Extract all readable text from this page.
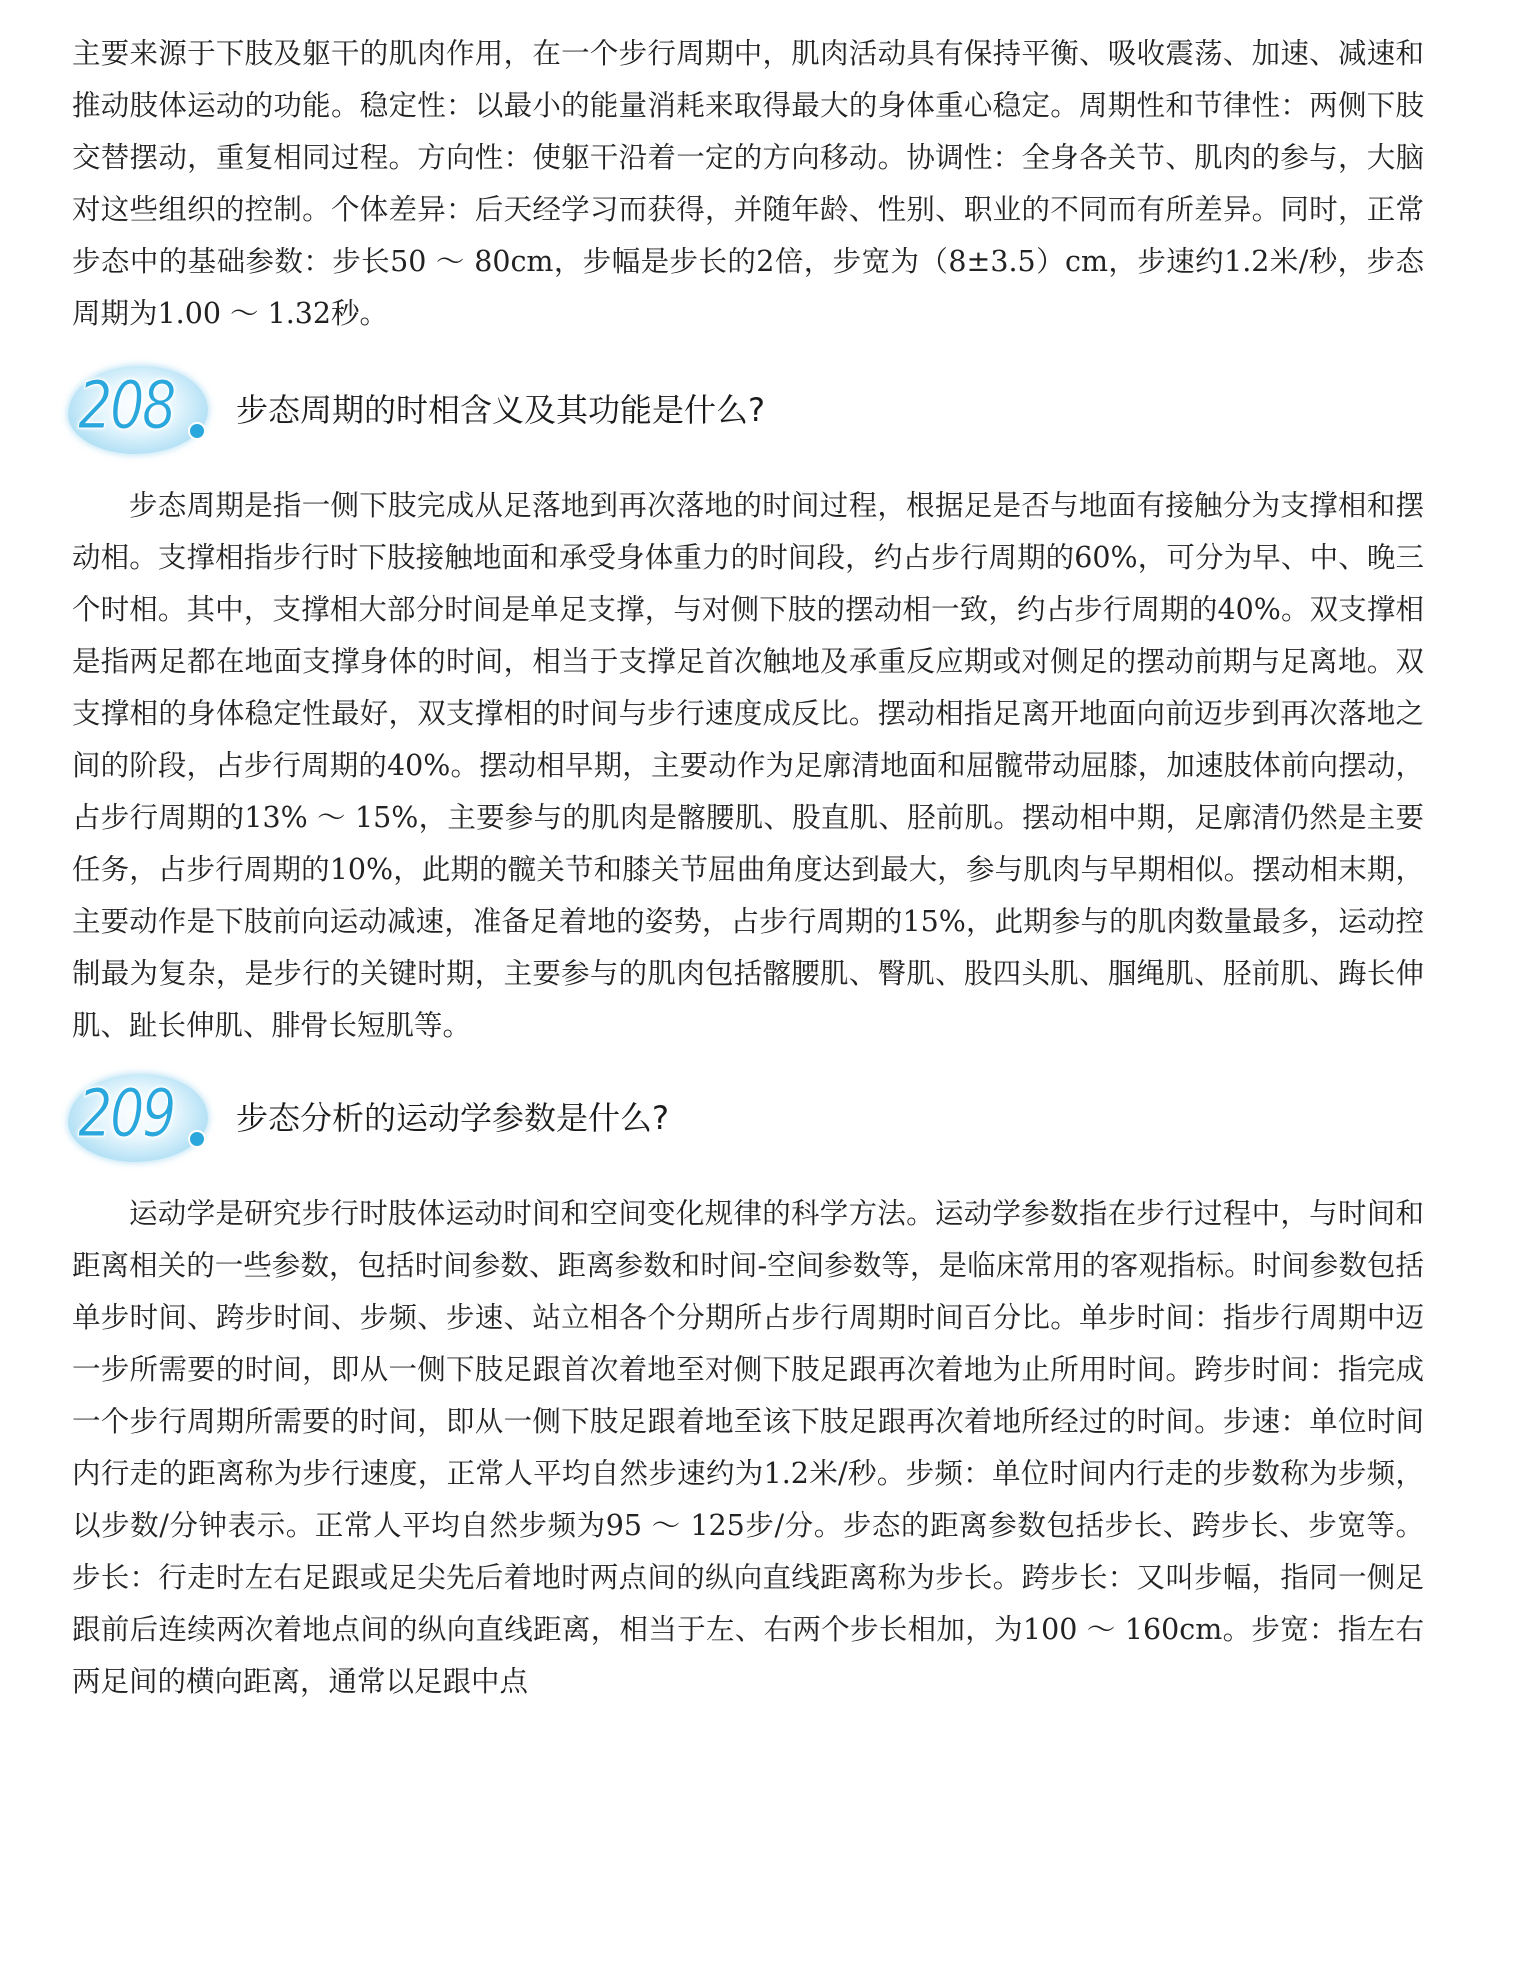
主要来源于下肢及躯干的肌肉作用，在一个步行周期中，肌肉活动具有保持平衡、吸收震荡、加速、减速和推动肢体运动的功能。稳定性：以最小的能量消耗来取得最大的身体重心稳定。周期性和节律性：两侧下肢交替摆动，重复相同过程。方向性：使躯干沿着一定的方向移动。协调性：全身各关节、肌肉的参与，大脑对这些组织的控制。个体差异：后天经学习而获得，并随年龄、性别、职业的不同而有所差异。同时，正常步态中的基础参数：步长50 ～ 80cm，步幅是步长的2倍，步宽为（8±3.5）cm，步速约1.2米/秒，步态周期为1.00 ～ 1.32秒。

208 步态周期的时相含义及其功能是什么?

步态周期是指一侧下肢完成从足落地到再次落地的时间过程，根据足是否与地面有接触分为支撑相和摆动相。支撑相指步行时下肢接触地面和承受身体重力的时间段，约占步行周期的60%，可分为早、中、晚三个时相。其中，支撑相大部分时间是单足支撑，与对侧下肢的摆动相一致，约占步行周期的40%。双支撑相是指两足都在地面支撑身体的时间，相当于支撑足首次触地及承重反应期或对侧足的摆动前期与足离地。双支撑相的身体稳定性最好，双支撑相的时间与步行速度成反比。摆动相指足离开地面向前迈步到再次落地之间的阶段，占步行周期的40%。摆动相早期，主要动作为足廓清地面和屈髋带动屈膝，加速肢体前向摆动，占步行周期的13% ～ 15%，主要参与的肌肉是髂腰肌、股直肌、胫前肌。摆动相中期，足廓清仍然是主要任务，占步行周期的10%，此期的髋关节和膝关节屈曲角度达到最大，参与肌肉与早期相似。摆动相末期，主要动作是下肢前向运动减速，准备足着地的姿势，占步行周期的15%，此期参与的肌肉数量最多，运动控制最为复杂，是步行的关键时期，主要参与的肌肉包括髂腰肌、臀肌、股四头肌、腘绳肌、胫前肌、踇长伸肌、趾长伸肌、腓骨长短肌等。

209 步态分析的运动学参数是什么?

运动学是研究步行时肢体运动时间和空间变化规律的科学方法。运动学参数指在步行过程中，与时间和距离相关的一些参数，包括时间参数、距离参数和时间-空间参数等，是临床常用的客观指标。时间参数包括单步时间、跨步时间、步频、步速、站立相各个分期所占步行周期时间百分比。单步时间：指步行周期中迈一步所需要的时间，即从一侧下肢足跟首次着地至对侧下肢足跟再次着地为止所用时间。跨步时间：指完成一个步行周期所需要的时间，即从一侧下肢足跟着地至该下肢足跟再次着地所经过的时间。步速：单位时间内行走的距离称为步行速度，正常人平均自然步速约为1.2米/秒。步频：单位时间内行走的步数称为步频，以步数/分钟表示。正常人平均自然步频为95 ～ 125步/分。步态的距离参数包括步长、跨步长、步宽等。步长：行走时左右足跟或足尖先后着地时两点间的纵向直线距离称为步长。跨步长：又叫步幅，指同一侧足跟前后连续两次着地点间的纵向直线距离，相当于左、右两个步长相加，为100 ～ 160cm。步宽：指左右两足间的横向距离，通常以足跟中点
